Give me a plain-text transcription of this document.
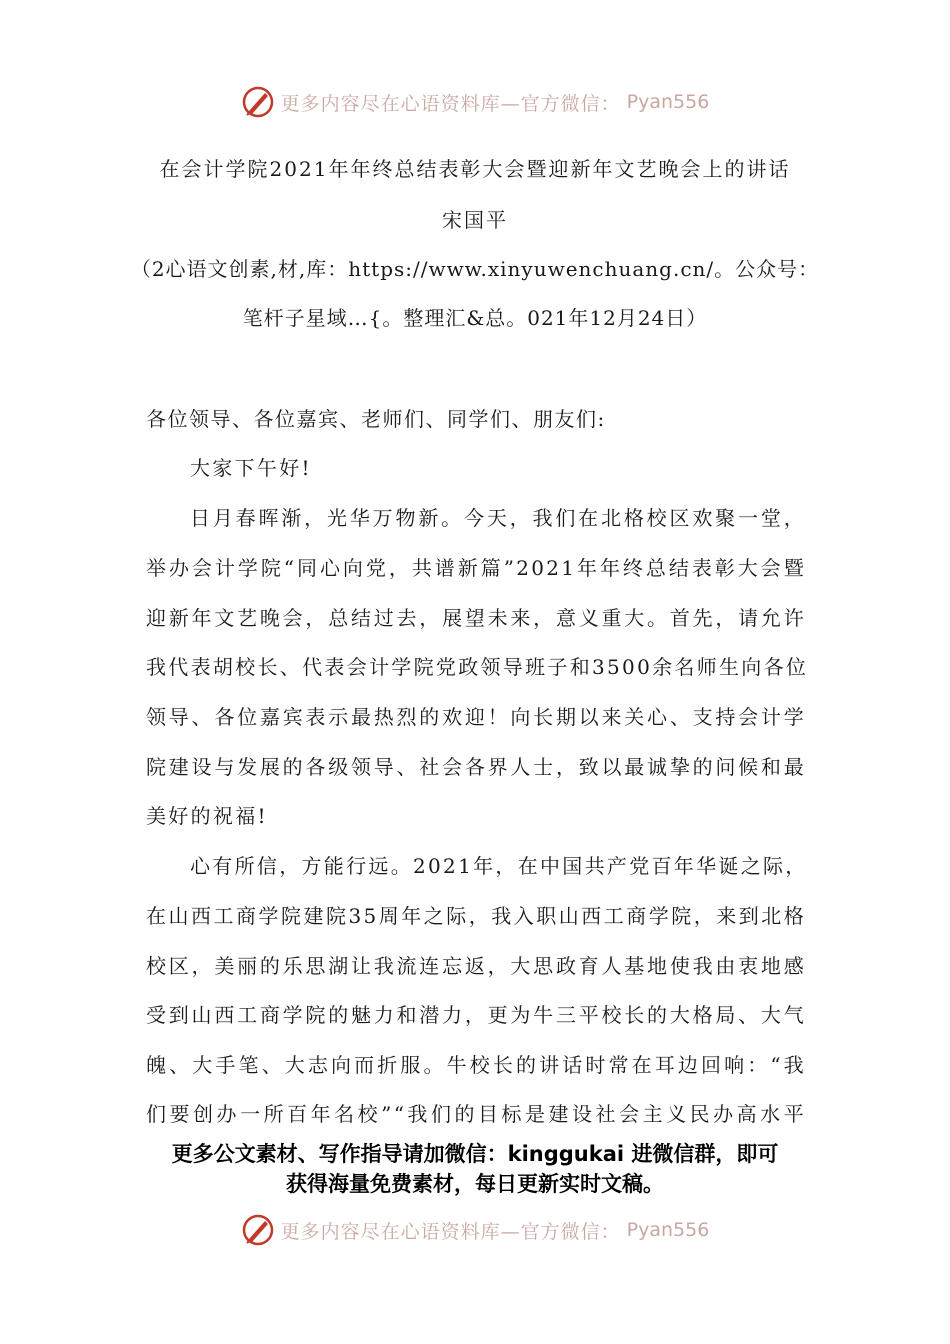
更多内容尽在心语资料库—官方微信： Pyan556
在会计学院2021年年终总结表彰大会暨迎新年文艺晚会上的讲话
宋国平
（2心语文创素,材,库：https://www.xinyuwenchuang.cn/。公众号：
笔杆子星域…{。整理汇&总。021年12月24日）
各位领导、各位嘉宾、老师们、同学们、朋友们:
大家下午好!
日月春晖渐，光华万物新。今天，我们在北格校区欢聚一堂，
举办会计学院“同心向党，共谱新篇”2021年年终总结表彰大会暨
迎新年文艺晚会，总结过去，展望未来，意义重大。首先，请允许
我代表胡校长、代表会计学院党政领导班子和3500余名师生向各位
领导、各位嘉宾表示最热烈的欢迎！向长期以来关心、支持会计学
院建设与发展的各级领导、社会各界人士，致以最诚挚的问候和最
美好的祝福!
心有所信，方能行远。2021年，在中国共产党百年华诞之际，
在山西工商学院建院35周年之际，我入职山西工商学院，来到北格
校区，美丽的乐思湖让我流连忘返，大思政育人基地使我由衷地感
受到山西工商学院的魅力和潜力，更为牛三平校长的大格局、大气
魄、大手笔、大志向而折服。牛校长的讲话时常在耳边回响：“我
们要创办一所百年名校”“我们的目标是建设社会主义民办高水平
更多公文素材、写作指导请加微信：kinggukai 进微信群，即可
获得海量免费素材，每日更新实时文稿。
更多内容尽在心语资料库—官方微信： Pyan556
